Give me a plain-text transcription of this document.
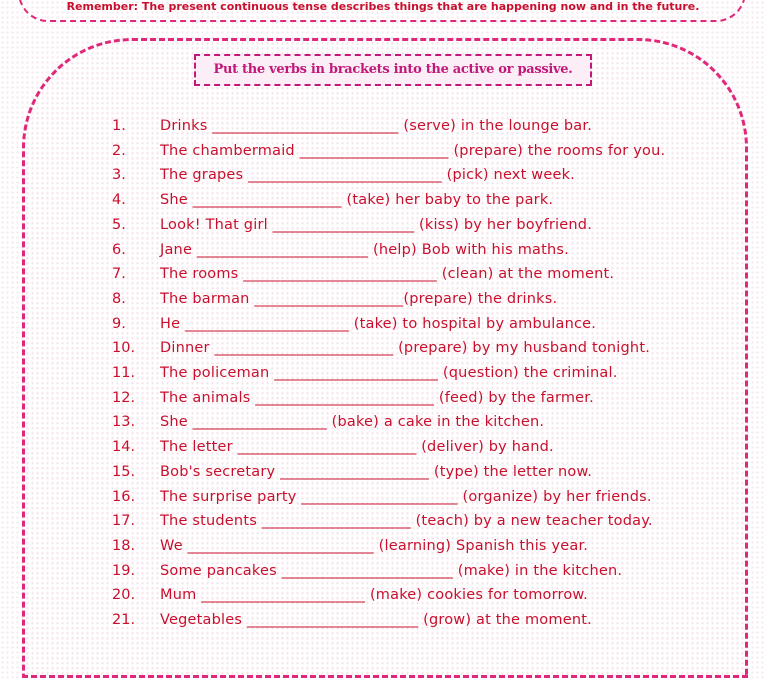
Remember: The present continuous tense describes things that are happening now and in the future.
Put the verbs in brackets into the active or passive.
1.	Drinks _________________________ (serve) in the lounge bar.
2.	The chambermaid ____________________ (prepare) the rooms for you.
3.	The grapes __________________________ (pick) next week.
4.	She ____________________ (take) her baby to the park.
5.	Look! That girl ___________________ (kiss) by her boyfriend.
6.	Jane _______________________ (help) Bob with his maths.
7.	The rooms __________________________ (clean) at the moment.
8.	The barman ____________________(prepare) the drinks.
9.	He ______________________ (take) to hospital by ambulance.
10.	Dinner ________________________ (prepare) by my husband tonight.
11.	The policeman ______________________ (question) the criminal.
12.	The animals ________________________ (feed) by the farmer.
13.	She __________________ (bake) a cake in the kitchen.
14.	The letter ________________________ (deliver) by hand.
15.	Bob's secretary ____________________ (type) the letter now.
16.	The surprise party _____________________ (organize) by her friends.
17.	The students ____________________ (teach) by a new teacher today.
18.	We _________________________ (learning) Spanish this year.
19.	Some pancakes _______________________ (make) in the kitchen.
20.	Mum ______________________ (make) cookies for tomorrow.
21.	Vegetables _______________________ (grow) at the moment.
